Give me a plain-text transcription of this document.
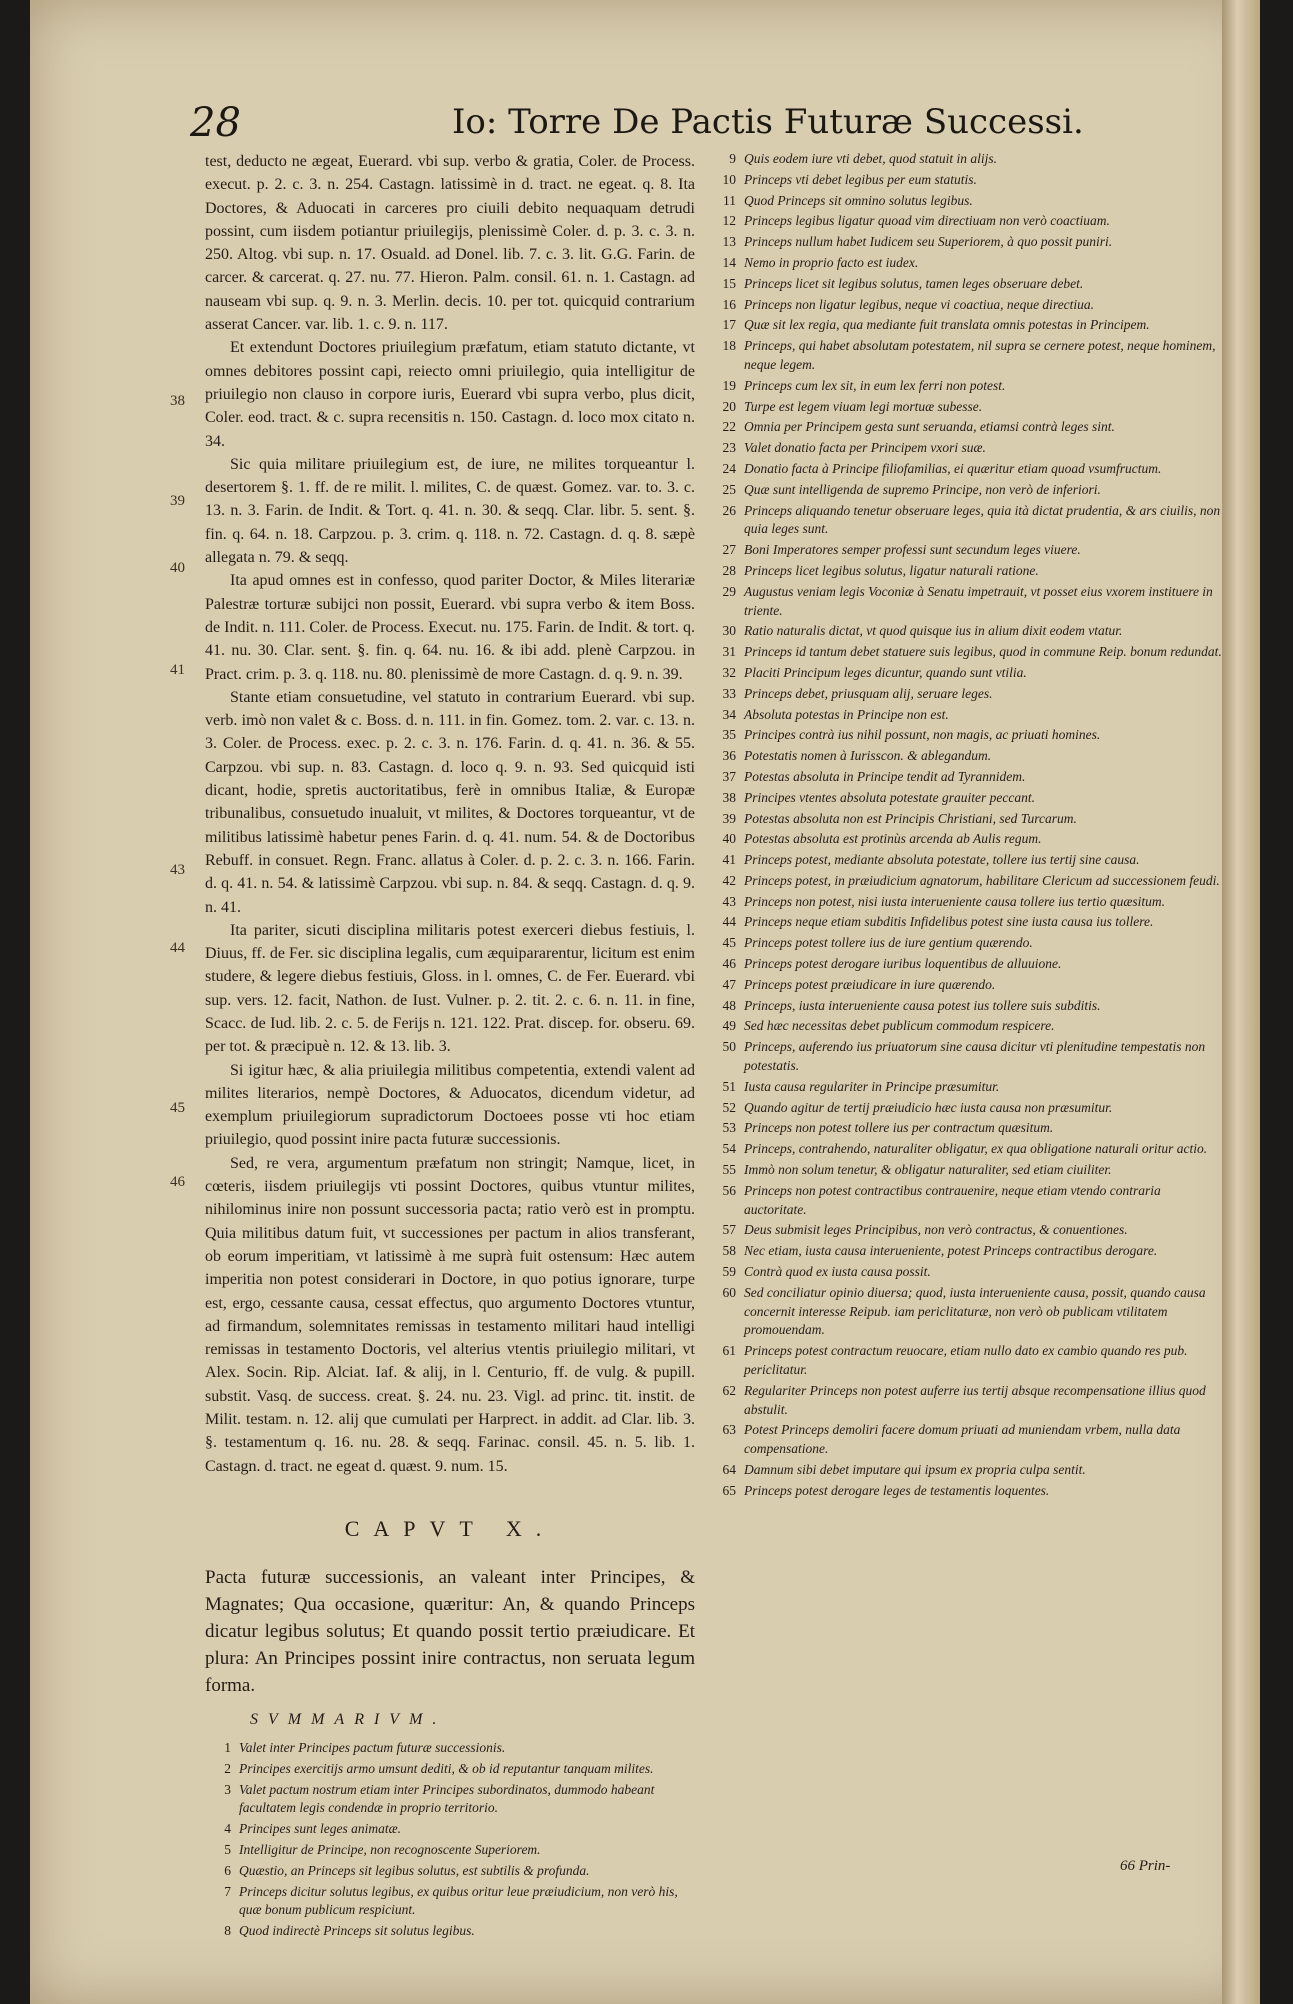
28	Io: Torre De Pactis Futuræ Successi.
38
39
40
41
43
44
45
46

test, deducto ne ægeat, Euerard. vbi sup. verbo & gratia, Coler. de Process. execut. p. 2. c. 3. n. 254. Castagn. latissimè in d. tract. ne egeat. q. 8. Ita Doctores, & Aduocati in carceres pro ciuili debito nequaquam detrudi possint, cum iisdem potiantur priuilegijs, plenissimè Coler. d. p. 3. c. 3. n. 250. Altog. vbi sup. n. 17. Osuald. ad Donel. lib. 7. c. 3. lit. G.G. Farin. de carcer. & carcerat. q. 27. nu. 77. Hieron. Palm. consil. 61. n. 1. Castagn. ad nauseam vbi sup. q. 9. n. 3. Merlin. decis. 10. per tot. quicquid contrarium asserat Cancer. var. lib. 1. c. 9. n. 117.

Et extendunt Doctores priuilegium præfatum, etiam statuto dictante, vt omnes debitores possint capi, reiecto omni priuilegio, quia intelligitur de priuilegio non clauso in corpore iuris, Euerard vbi supra verbo, plus dicit, Coler. eod. tract. & c. supra recensitis n. 150. Castagn. d. loco mox citato n. 34.

Sic quia militare priuilegium est, de iure, ne milites torqueantur l. desertorem §. 1. ff. de re milit. l. milites, C. de quæst. Gomez. var. to. 3. c. 13. n. 3. Farin. de Indit. & Tort. q. 41. n. 30. & seqq. Clar. libr. 5. sent. §. fin. q. 64. n. 18. Carpzou. p. 3. crim. q. 118. n. 72. Castagn. d. q. 8. sæpè allegata n. 79. & seqq.

Ita apud omnes est in confesso, quod pariter Doctor, & Miles literariæ Palestræ torturæ subijci non possit, Euerard. vbi supra verbo & item Boss. de Indit. n. 111. Coler. de Process. Execut. nu. 175. Farin. de Indit. & tort. q. 41. nu. 30. Clar. sent. §. fin. q. 64. nu. 16. & ibi add. plenè Carpzou. in Pract. crim. p. 3. q. 118. nu. 80. plenissimè de more Castagn. d. q. 9. n. 39.

Stante etiam consuetudine, vel statuto in contrarium Euerard. vbi sup. verb. imò non valet & c. Boss. d. n. 111. in fin. Gomez. tom. 2. var. c. 13. n. 3. Coler. de Process. exec. p. 2. c. 3. n. 176. Farin. d. q. 41. n. 36. & 55. Carpzou. vbi sup. n. 83. Castagn. d. loco q. 9. n. 93. Sed quicquid isti dicant, hodie, spretis auctoritatibus, ferè in omnibus Italiæ, & Europæ tribunalibus, consuetudo inualuit, vt milites, & Doctores torqueantur, vt de militibus latissimè habetur penes Farin. d. q. 41. num. 54. & de Doctoribus Rebuff. in consuet. Regn. Franc. allatus à Coler. d. p. 2. c. 3. n. 166. Farin. d. q. 41. n. 54. & latissimè Carpzou. vbi sup. n. 84. & seqq. Castagn. d. q. 9. n. 41.

Ita pariter, sicuti disciplina militaris potest exerceri diebus festiuis, l. Diuus, ff. de Fer. sic disciplina legalis, cum æquipararentur, licitum est enim studere, & legere diebus festiuis, Gloss. in l. omnes, C. de Fer. Euerard. vbi sup. vers. 12. facit, Nathon. de Iust. Vulner. p. 2. tit. 2. c. 6. n. 11. in fine, Scacc. de Iud. lib. 2. c. 5. de Ferijs n. 121. 122. Prat. discep. for. obseru. 69. per tot. & præcipuè n. 12. & 13. lib. 3.

Si igitur hæc, & alia priuilegia militibus competentia, extendi valent ad milites literarios, nempè Doctores, & Aduocatos, dicendum videtur, ad exemplum priuilegiorum supradictorum Doctoees posse vti hoc etiam priuilegio, quod possint inire pacta futuræ successionis.

Sed, re vera, argumentum præfatum non stringit; Namque, licet, in cœteris, iisdem priuilegijs vti possint Doctores, quibus vtuntur milites, nihilominus inire non possunt successoria pacta; ratio verò est in promptu. Quia militibus datum fuit, vt successiones per pactum in alios transferant, ob eorum imperitiam, vt latissimè à me suprà fuit ostensum: Hæc autem imperitia non potest considerari in Doctore, in quo potius ignorare, turpe est, ergo, cessante causa, cessat effectus, quo argumento Doctores vtuntur, ad firmandum, solemnitates remissas in testamento militari haud intelligi remissas in testamento Doctoris, vel alterius vtentis priuilegio militari, vt Alex. Socin. Rip. Alciat. Iaf. & alij, in l. Centurio, ff. de vulg. & pupill. substit. Vasq. de success. creat. §. 24. nu. 23. Vigl. ad princ. tit. instit. de Milit. testam. n. 12. alij que cumulati per Harprect. in addit. ad Clar. lib. 3. §. testamentum q. 16. nu. 28. & seqq. Farinac. consil. 45. n. 5. lib. 1. Castagn. d. tract. ne egeat d. quæst. 9. num. 15.

CAPVT X.

Pacta futuræ successionis, an valeant inter Principes, & Magnates; Qua occasione, quæritur: An, & quando Princeps dicatur legibus solutus; Et quando possit tertio præiudicare. Et plura: An Principes possint inire contractus, non seruata legum forma.

SVMMARIVM.
1 Valet inter Principes pactum futuræ successionis.
2 Principes exercitijs armo umsunt dediti, & ob id reputantur tanquam milites.
3 Valet pactum nostrum etiam inter Principes subordinatos, dummodo habeant facultatem legis condendæ in proprio territorio.
4 Principes sunt leges animatæ.
5 Intelligitur de Principe, non recognoscente Superiorem.
6 Quæstio, an Princeps sit legibus solutus, est subtilis & profunda.
7 Princeps dicitur solutus legibus, ex quibus oritur leue præiudicium, non verò his, quæ bonum publicum respiciunt.
8 Quod indirectè Princeps sit solutus legibus.
9 Quis eodem iure vti debet, quod statuit in alijs.
10 Princeps vti debet legibus per eum statutis.
11 Quod Princeps sit omnino solutus legibus.
12 Princeps legibus ligatur quoad vim directiuam non verò coactiuam.
13 Princeps nullum habet Iudicem seu Superiorem, à quo possit puniri.
14 Nemo in proprio facto est iudex.
15 Princeps licet sit legibus solutus, tamen leges obseruare debet.
16 Princeps non ligatur legibus, neque vi coactiua, neque directiua.
17 Quæ sit lex regia, qua mediante fuit translata omnis potestas in Principem.
18 Princeps, qui habet absolutam potestatem, nil supra se cernere potest, neque hominem, neque legem.
19 Princeps cum lex sit, in eum lex ferri non potest.
20 Turpe est legem viuam legi mortuæ subesse.
22 Omnia per Principem gesta sunt seruanda, etiamsi contrà leges sint.
23 Valet donatio facta per Principem vxori suæ.
24 Donatio facta à Principe filiofamilias, ei quæritur etiam quoad vsumfructum.
25 Quæ sunt intelligenda de supremo Principe, non verò de inferiori.
26 Princeps aliquando tenetur obseruare leges, quia ità dictat prudentia, & ars ciuilis, non quia leges sunt.
27 Boni Imperatores semper professi sunt secundum leges viuere.
28 Princeps licet legibus solutus, ligatur naturali ratione.
29 Augustus veniam legis Voconiæ à Senatu impetrauit, vt posset eius vxorem instituere in triente.
30 Ratio naturalis dictat, vt quod quisque ius in alium dixit eodem vtatur.
31 Princeps id tantum debet statuere suis legibus, quod in commune Reip. bonum redundat.
32 Placiti Principum leges dicuntur, quando sunt vtilia.
33 Princeps debet, priusquam alij, seruare leges.
34 Absoluta potestas in Principe non est.
35 Principes contrà ius nihil possunt, non magis, ac priuati homines.
36 Potestatis nomen à Iurisscon. & ablegandum.
37 Potestas absoluta in Principe tendit ad Tyrannidem.
38 Principes vtentes absoluta potestate grauiter peccant.
39 Potestas absoluta non est Principis Christiani, sed Turcarum.
40 Potestas absoluta est protinùs arcenda ab Aulis regum.
41 Princeps potest, mediante absoluta potestate, tollere ius tertij sine causa.
42 Princeps potest, in præiudicium agnatorum, habilitare Clericum ad successionem feudi.
43 Princeps non potest, nisi iusta interueniente causa tollere ius tertio quæsitum.
44 Princeps neque etiam subditis Infidelibus potest sine iusta causa ius tollere.
45 Princeps potest tollere ius de iure gentium quærendo.
46 Princeps potest derogare iuribus loquentibus de alluuione.
47 Princeps potest præiudicare in iure quærendo.
48 Princeps, iusta interueniente causa potest ius tollere suis subditis.
49 Sed hæc necessitas debet publicum commodum respicere.
50 Princeps, auferendo ius priuatorum sine causa dicitur vti plenitudine tempestatis non potestatis.
51 Iusta causa regulariter in Principe præsumitur.
52 Quando agitur de tertij præiudicio hæc iusta causa non præsumitur.
53 Princeps non potest tollere ius per contractum quæsitum.
54 Princeps, contrahendo, naturaliter obligatur, ex qua obligatione naturali oritur actio.
55 Immò non solum tenetur, & obligatur naturaliter, sed etiam ciuiliter.
56 Princeps non potest contractibus contrauenire, neque etiam vtendo contraria auctoritate.
57 Deus submisit leges Principibus, non verò contractus, & conuentiones.
58 Nec etiam, iusta causa interueniente, potest Princeps contractibus derogare.
59 Contrà quod ex iusta causa possit.
60 Sed conciliatur opinio diuersa; quod, iusta interueniente causa, possit, quando causa concernit interesse Reipub. iam periclitaturæ, non verò ob publicam vtilitatem promouendam.
61 Princeps potest contractum reuocare, etiam nullo dato ex cambio quando res pub. periclitatur.
62 Regulariter Princeps non potest auferre ius tertij absque recompensatione illius quod abstulit.
63 Potest Princeps demoliri facere domum priuati ad muniendam vrbem, nulla data compensatione.
64 Damnum sibi debet imputare qui ipsum ex propria culpa sentit.
65 Princeps potest derogare leges de testamentis loquentes.
66 Prin-
